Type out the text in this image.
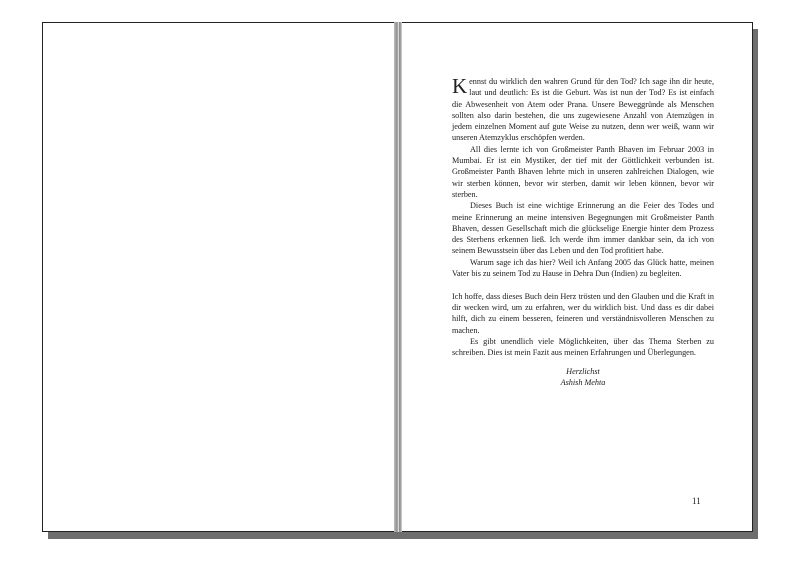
Kennst du wirklich den wahren Grund für den Tod? Ich sage ihn dir heute, laut und deutlich: Es ist die Geburt. Was ist nun der Tod? Es ist einfach die Abwesenheit von Atem oder Prana. Unsere Beweggründe als Menschen sollten also darin bestehen, die uns zugewiesene Anzahl von Atemzügen in jedem einzelnen Moment auf gute Weise zu nutzen, denn wer weiß, wann wir unseren Atemzyklus erschöpfen werden.

All dies lernte ich von Großmeister Panth Bhaven im Februar 2003 in Mumbai. Er ist ein Mystiker, der tief mit der Göttlichkeit verbunden ist. Großmeister Panth Bhaven lehrte mich in unseren zahlreichen Dialogen, wie wir sterben können, bevor wir sterben, damit wir leben können, bevor wir sterben.

Dieses Buch ist eine wichtige Erinnerung an die Feier des Todes und meine Erinnerung an meine intensiven Begegnungen mit Großmeister Panth Bhaven, dessen Gesellschaft mich die glückselige Energie hinter dem Prozess des Sterbens erkennen ließ. Ich werde ihm immer dankbar sein, da ich von seinem Bewusstsein über das Leben und den Tod profitiert habe.

Warum sage ich das hier? Weil ich Anfang 2005 das Glück hatte, meinen Vater bis zu seinem Tod zu Hause in Dehra Dun (Indien) zu begleiten.

Ich hoffe, dass dieses Buch dein Herz trösten und den Glauben und die Kraft in dir wecken wird, um zu erfahren, wer du wirklich bist. Und dass es dir dabei hilft, dich zu einem besseren, feineren und verständnisvolleren Menschen zu machen.

Es gibt unendlich viele Möglichkeiten, über das Thema Sterben zu schreiben. Dies ist mein Fazit aus meinen Erfahrungen und Überlegungen.

Herzlichst
Ashish Mehta
11
